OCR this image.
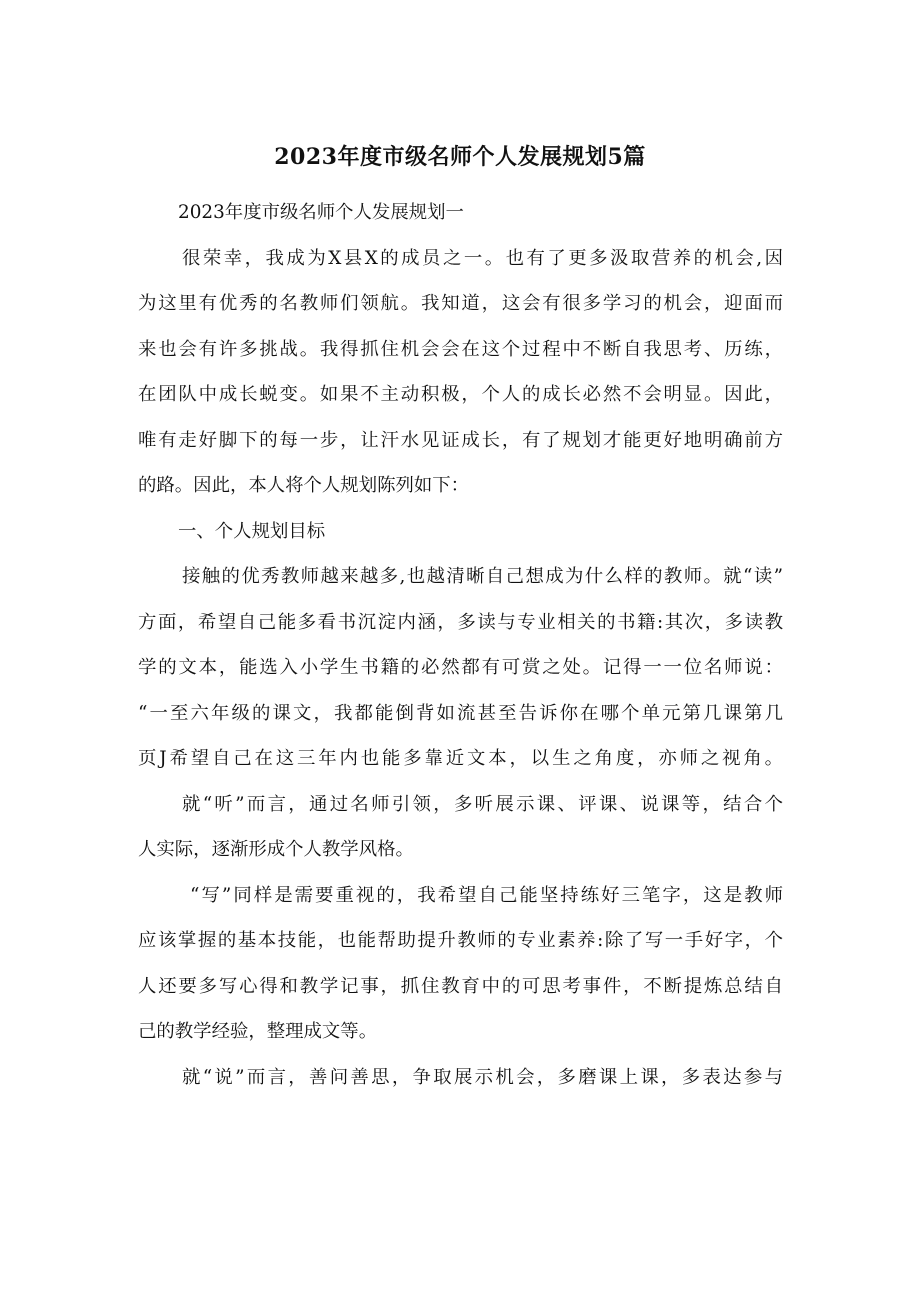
2023年度市级名师个人发展规划5篇
2023年度市级名师个人发展规划一
很荣幸，我成为X县X的成员之一。也有了更多汲取营养的机会,因
为这里有优秀的名教师们领航。我知道，这会有很多学习的机会，迎面而
来也会有许多挑战。我得抓住机会会在这个过程中不断自我思考、历练，
在团队中成长蜕变。如果不主动积极，个人的成长必然不会明显。因此，
唯有走好脚下的每一步，让汗水见证成长，有了规划才能更好地明确前方
的路。因此，本人将个人规划陈列如下：
一、个人规划目标
接触的优秀教师越来越多,也越清晰自己想成为什么样的教师。就“读”
方面，希望自己能多看书沉淀内涵，多读与专业相关的书籍:其次，多读教
学的文本，能选入小学生书籍的必然都有可赏之处。记得一一位名师说：
“一至六年级的课文，我都能倒背如流甚至告诉你在哪个单元第几课第几
页J希望自己在这三年内也能多靠近文本，以生之角度，亦师之视角。
就“听”而言，通过名师引领，多听展示课、评课、说课等，结合个
人实际，逐渐形成个人教学风格。
“写”同样是需要重视的，我希望自己能坚持练好三笔字，这是教师
应该掌握的基本技能，也能帮助提升教师的专业素养:除了写一手好字，个
人还要多写心得和教学记事，抓住教育中的可思考事件，不断提炼总结自
己的教学经验，整理成文等。
就“说”而言，善问善思，争取展示机会，多磨课上课，多表达参与
